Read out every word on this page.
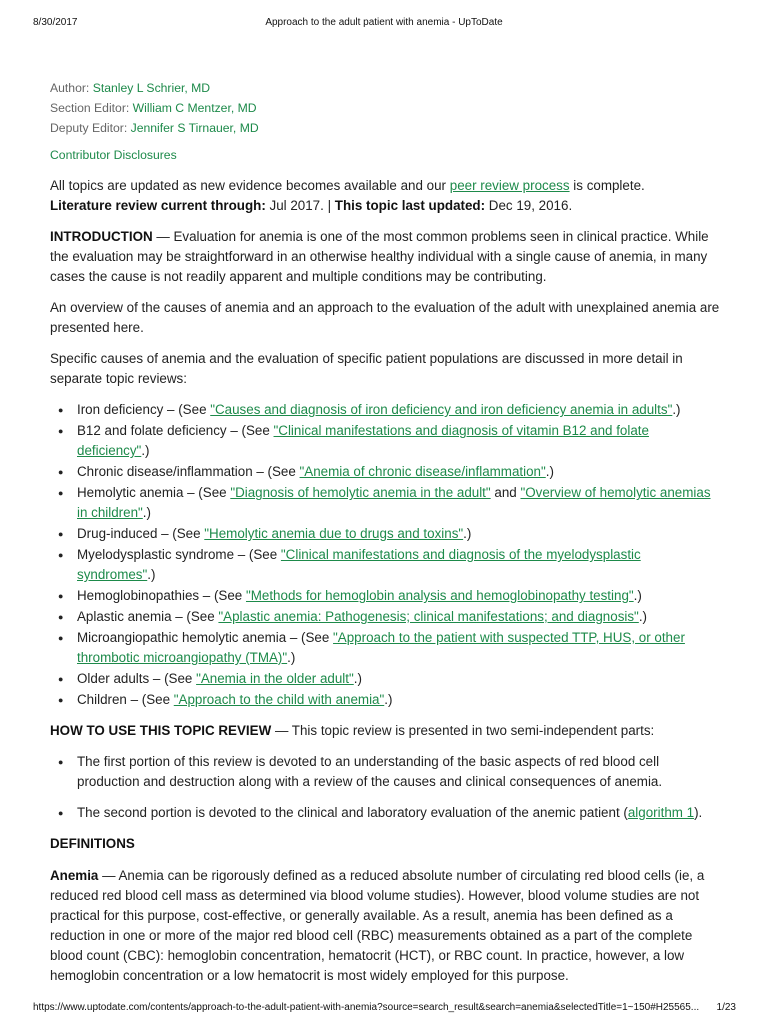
8/30/2017	Approach to the adult patient with anemia - UpToDate
Author: Stanley L Schrier, MD
Section Editor: William C Mentzer, MD
Deputy Editor: Jennifer S Tirnauer, MD
Contributor Disclosures
All topics are updated as new evidence becomes available and our peer review process is complete.
Literature review current through: Jul 2017. | This topic last updated: Dec 19, 2016.

INTRODUCTION — Evaluation for anemia is one of the most common problems seen in clinical practice. While the evaluation may be straightforward in an otherwise healthy individual with a single cause of anemia, in many cases the cause is not readily apparent and multiple conditions may be contributing.

An overview of the causes of anemia and an approach to the evaluation of the adult with unexplained anemia are presented here.

Specific causes of anemia and the evaluation of specific patient populations are discussed in more detail in separate topic reviews:

● Iron deficiency – (See "Causes and diagnosis of iron deficiency and iron deficiency anemia in adults".)
● B12 and folate deficiency – (See "Clinical manifestations and diagnosis of vitamin B12 and folate deficiency".)
● Chronic disease/inflammation – (See "Anemia of chronic disease/inflammation".)
● Hemolytic anemia – (See "Diagnosis of hemolytic anemia in the adult" and "Overview of hemolytic anemias in children".)
● Drug-induced – (See "Hemolytic anemia due to drugs and toxins".)
● Myelodysplastic syndrome – (See "Clinical manifestations and diagnosis of the myelodysplastic syndromes".)
● Hemoglobinopathies – (See "Methods for hemoglobin analysis and hemoglobinopathy testing".)
● Aplastic anemia – (See "Aplastic anemia: Pathogenesis; clinical manifestations; and diagnosis".)
● Microangiopathic hemolytic anemia – (See "Approach to the patient with suspected TTP, HUS, or other thrombotic microangiopathy (TMA)".)
● Older adults – (See "Anemia in the older adult".)
● Children – (See "Approach to the child with anemia".)

HOW TO USE THIS TOPIC REVIEW — This topic review is presented in two semi-independent parts:

● The first portion of this review is devoted to an understanding of the basic aspects of red blood cell production and destruction along with a review of the causes and clinical consequences of anemia.
● The second portion is devoted to the clinical and laboratory evaluation of the anemic patient (algorithm 1).
DEFINITIONS

Anemia — Anemia can be rigorously defined as a reduced absolute number of circulating red blood cells (ie, a reduced red blood cell mass as determined via blood volume studies). However, blood volume studies are not practical for this purpose, cost-effective, or generally available. As a result, anemia has been defined as a reduction in one or more of the major red blood cell (RBC) measurements obtained as a part of the complete blood count (CBC): hemoglobin concentration, hematocrit (HCT), or RBC count. In practice, however, a low hemoglobin concentration or a low hematocrit is most widely employed for this purpose.

https://www.uptodate.com/contents/approach-to-the-adult-patient-with-anemia?source=search_result&search=anemia&selectedTitle=1~150#H25565... 1/23
